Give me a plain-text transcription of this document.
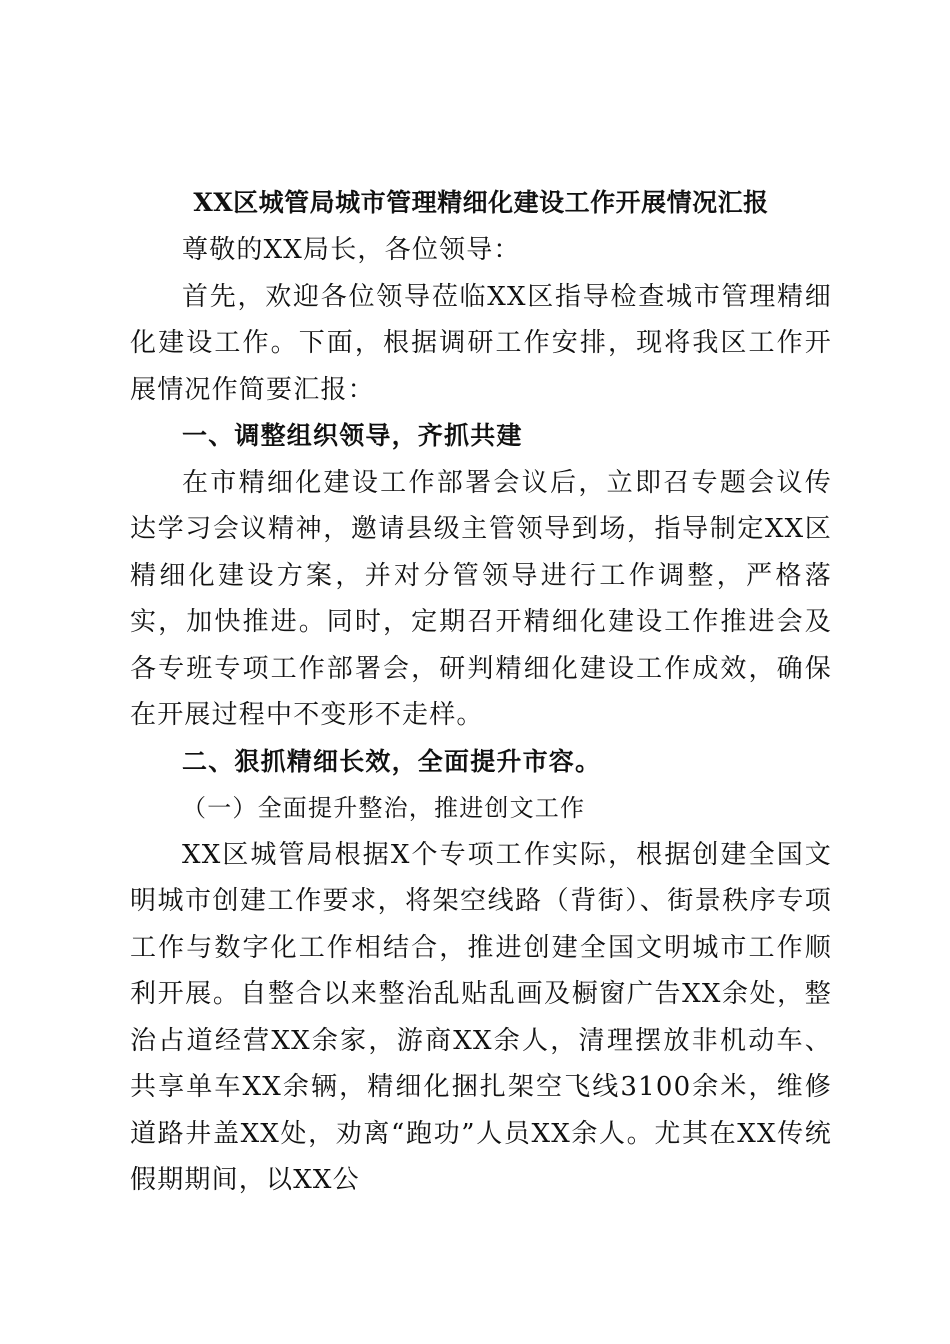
XX区城管局城市管理精细化建设工作开展情况汇报

尊敬的XX局长，各位领导：

首先，欢迎各位领导莅临XX区指导检查城市管理精细化建设工作。下面，根据调研工作安排，现将我区工作开展情况作简要汇报：

一、调整组织领导，齐抓共建

在市精细化建设工作部署会议后，立即召专题会议传达学习会议精神，邀请县级主管领导到场，指导制定XX区精细化建设方案，并对分管领导进行工作调整，严格落实，加快推进。同时，定期召开精细化建设工作推进会及各专班专项工作部署会，研判精细化建设工作成效，确保在开展过程中不变形不走样。

二、狠抓精细长效，全面提升市容。

（一）全面提升整治，推进创文工作

XX区城管局根据X个专项工作实际，根据创建全国文明城市创建工作要求，将架空线路（背街）、街景秩序专项工作与数字化工作相结合，推进创建全国文明城市工作顺利开展。自整合以来整治乱贴乱画及橱窗广告XX余处，整治占道经营XX余家，游商XX余人，清理摆放非机动车、共享单车XX余辆，精细化捆扎架空飞线3100余米，维修道路井盖XX处，劝离“跑功”人员XX余人。尤其在XX传统假期期间，以XX公
